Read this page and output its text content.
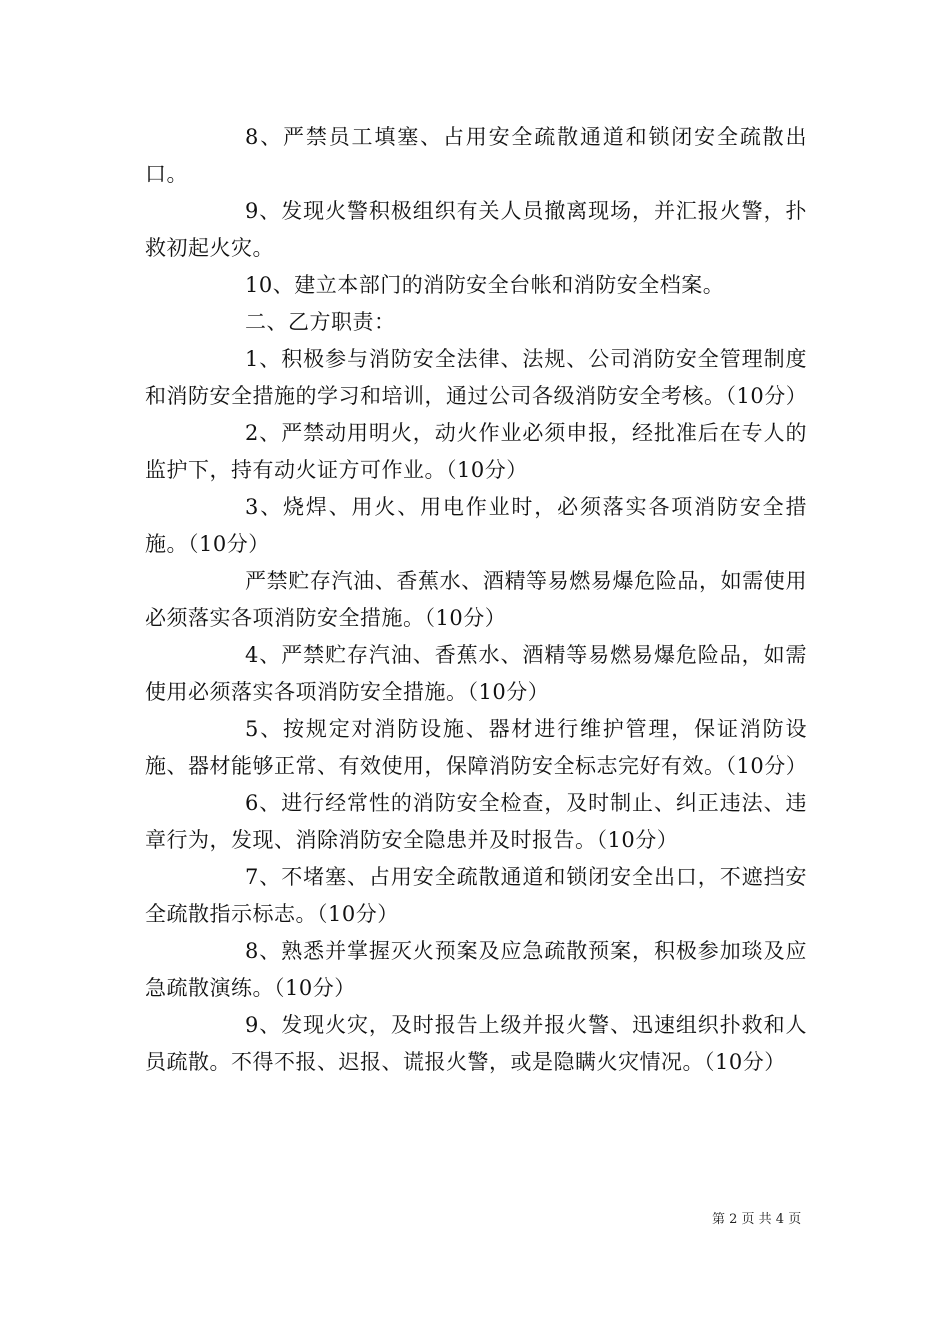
8、严禁员工填塞、占用安全疏散通道和锁闭安全疏散出口。

9、发现火警积极组织有关人员撤离现场，并汇报火警，扑救初起火灾。

10、建立本部门的消防安全台帐和消防安全档案。

二、乙方职责：

1、积极参与消防安全法律、法规、公司消防安全管理制度和消防安全措施的学习和培训，通过公司各级消防安全考核。（10分）

2、严禁动用明火，动火作业必须申报，经批准后在专人的监护下，持有动火证方可作业。（10分）

3、烧焊、用火、用电作业时，必须落实各项消防安全措施。（10分）

严禁贮存汽油、香蕉水、酒精等易燃易爆危险品，如需使用必须落实各项消防安全措施。（10分）

4、严禁贮存汽油、香蕉水、酒精等易燃易爆危险品，如需使用必须落实各项消防安全措施。（10分）

5、按规定对消防设施、器材进行维护管理，保证消防设施、器材能够正常、有效使用，保障消防安全标志完好有效。（10分）

6、进行经常性的消防安全检查，及时制止、纠正违法、违章行为，发现、消除消防安全隐患并及时报告。（10分）

7、不堵塞、占用安全疏散通道和锁闭安全出口，不遮挡安全疏散指示标志。（10分）

8、熟悉并掌握灭火预案及应急疏散预案，积极参加琰及应急疏散演练。（10分）

9、发现火灾，及时报告上级并报火警、迅速组织扑救和人员疏散。不得不报、迟报、谎报火警，或是隐瞒火灾情况。（10分）

第 2 页 共 4 页
